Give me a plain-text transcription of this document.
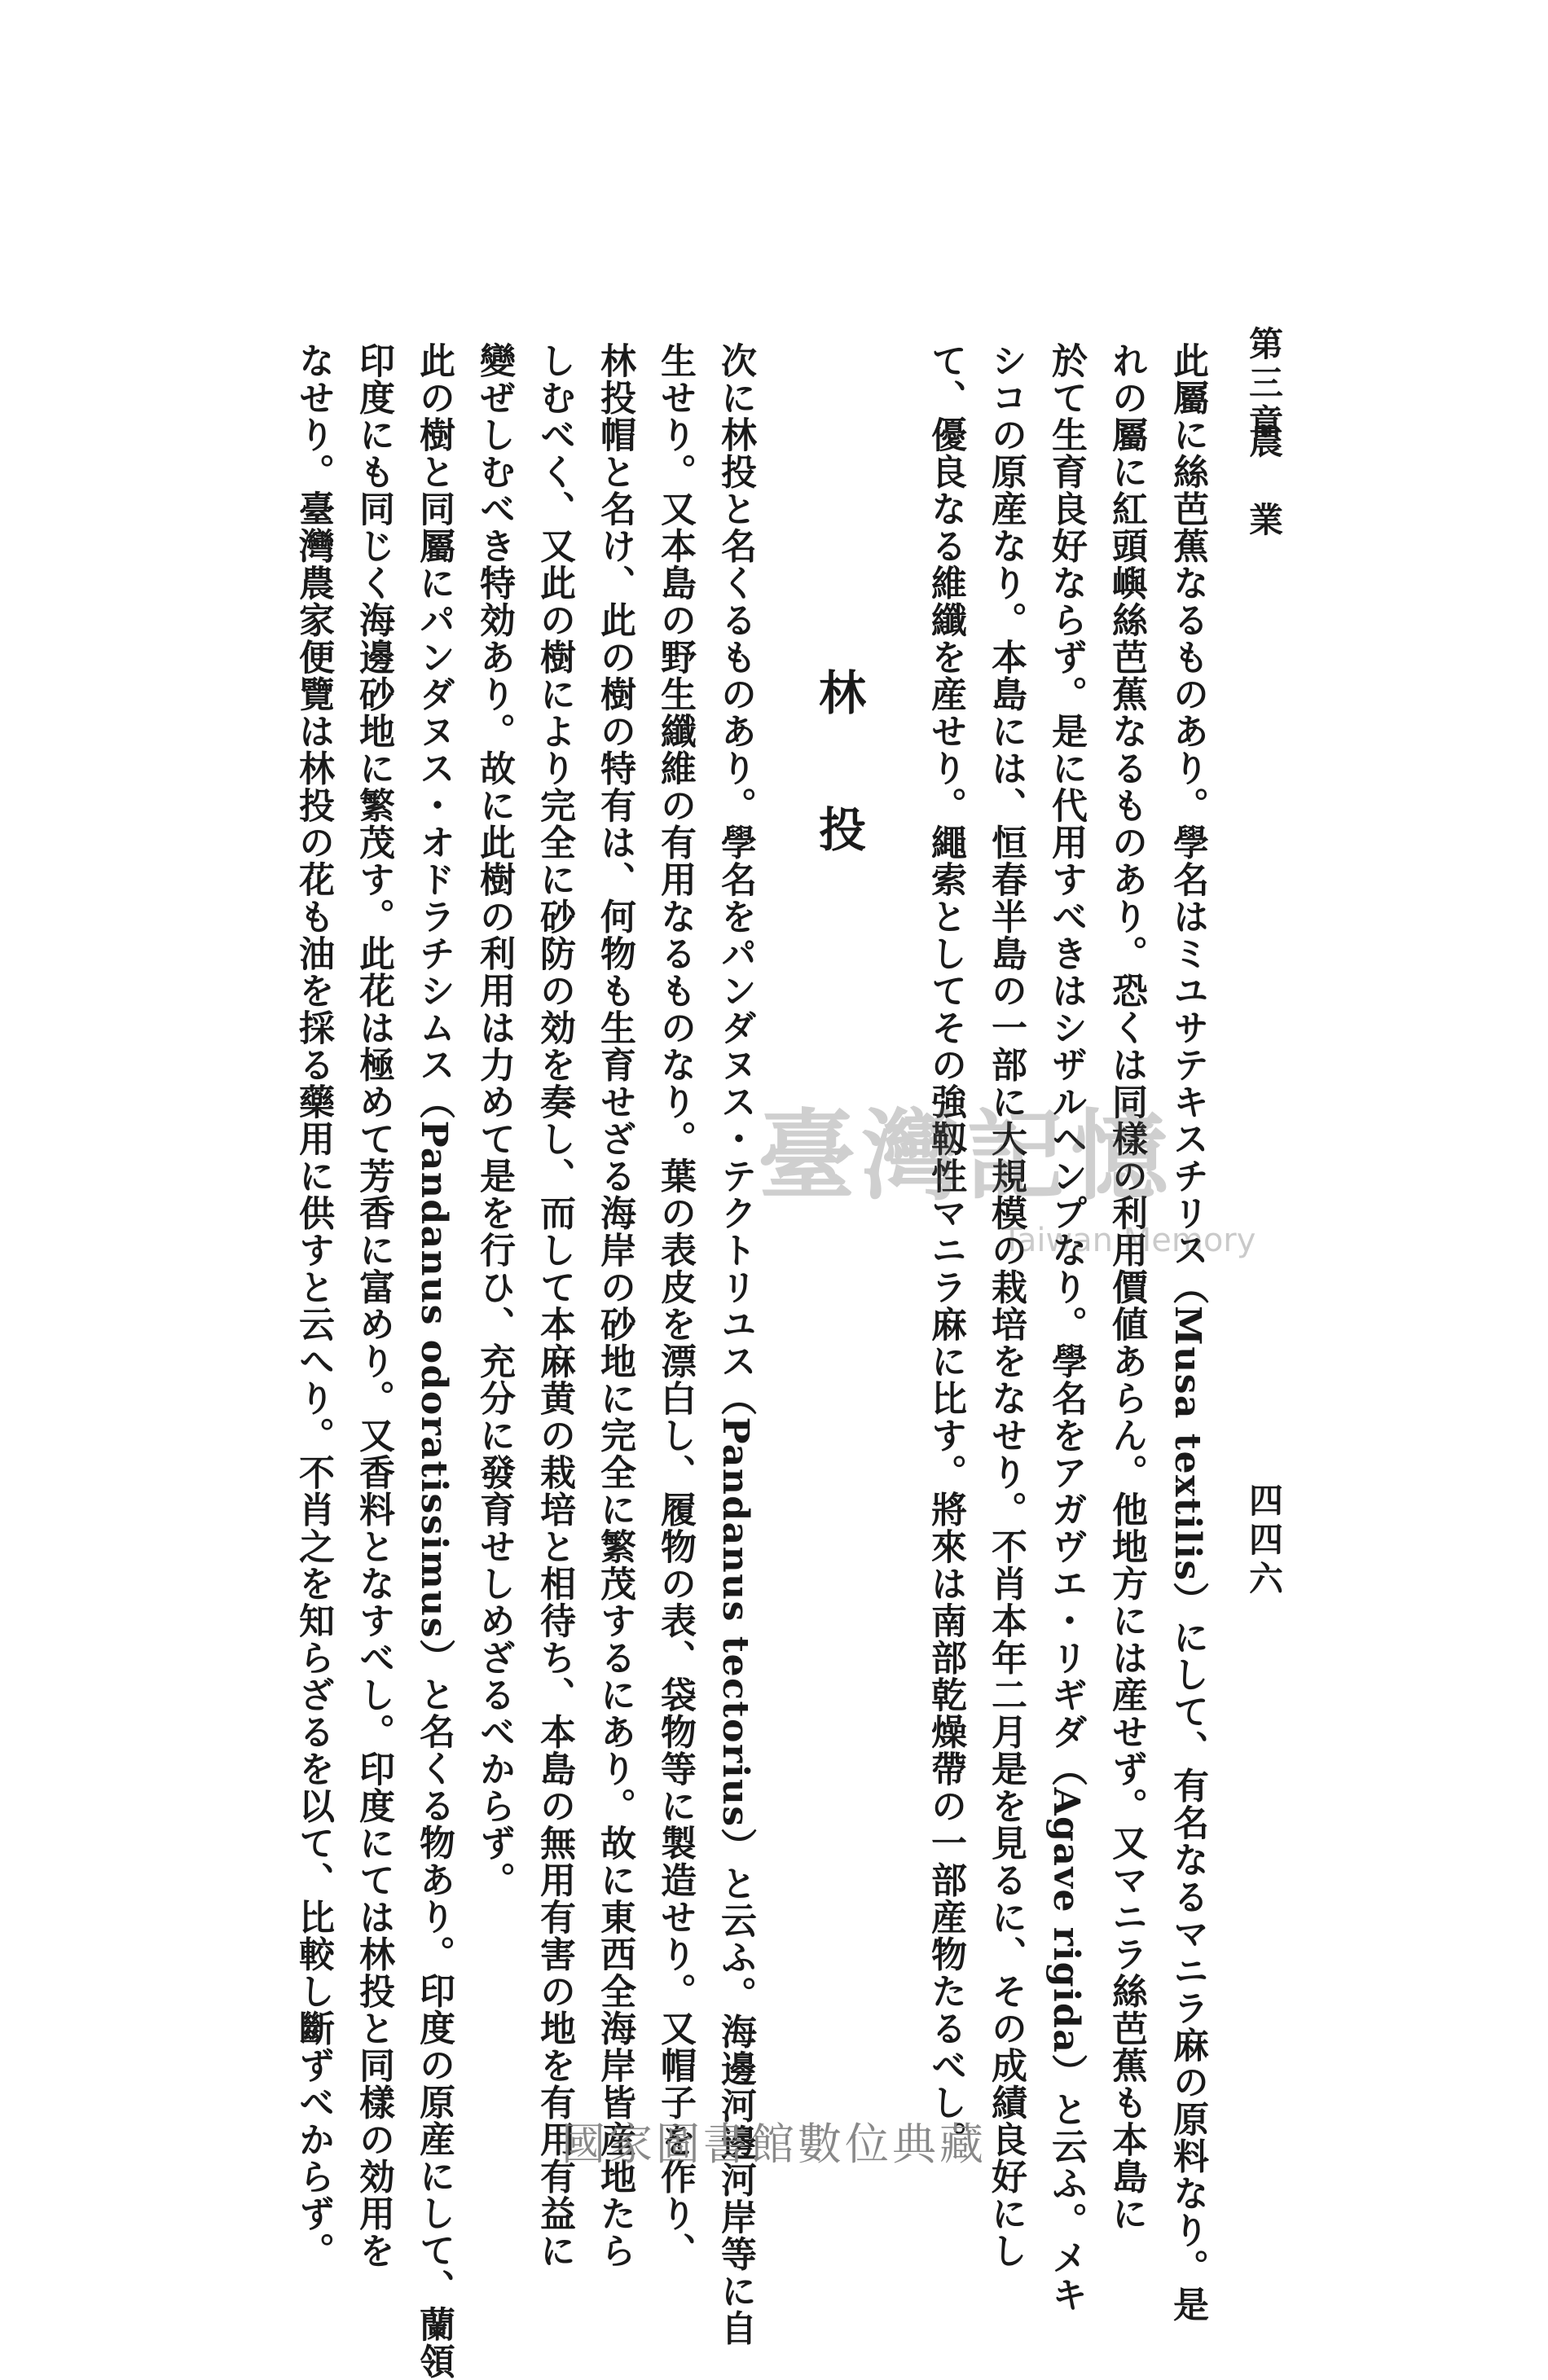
第三章
農　業
四四六
此屬に絲芭蕉なるものあり。學名はミユサテキスチリス（Musa textilis）にして、有名なるマニラ麻の原料なり。是
れの屬に紅頭嶼絲芭蕉なるものあり。恐くは同樣の利用價値あらん。他地方には産せず。又マニラ絲芭蕉も本島に
於て生育良好ならず。是に代用すべきはシザルヘンプなり。學名をアガヴエ・リギダ（Agave rigida）と云ふ。メキ
シコの原産なり。本島には、恒春半島の一部に大規模の栽培をなせり。不肖本年二月是を見るに、その成績良好にし
て、優良なる維纖を産せり。繩索としてその強靱性マニラ麻に比す。將來は南部乾燥帶の一部産物たるべし。
林投
次に林投と名くるものあり。學名をパンダヌス・テクトリユス（Pandanus tectorius）と云ふ。海邊河邊河岸等に自
生せり。又本島の野生纖維の有用なるものなり。葉の表皮を漂白し、履物の表、袋物等に製造せり。又帽子を作り、
林投帽と名け、此の樹の特有は、何物も生育せざる海岸の砂地に完全に繁茂するにあり。故に東西全海岸皆産地たら
しむべく、又此の樹により完全に砂防の効を奏し、而して本麻黄の栽培と相待ち、本島の無用有害の地を有用有益に
變ぜしむべき特効あり。故に此樹の利用は力めて是を行ひ、充分に發育せしめざるべからず。
此の樹と同屬にパンダヌス・オドラチシムス（Pandanus odoratissimus）と名くる物あり。印度の原産にして、蘭領
印度にも同じく海邊砂地に繁茂す。此花は極めて芳香に富めり。又香料となすべし。印度にては林投と同樣の効用を
なせり。臺灣農家便覽は林投の花も油を採る藥用に供すと云へり。不肖之を知らざるを以て、比較し斷ずべからず。	臺灣記憶
Taiwan Memory
國家圖書館數位典藏
